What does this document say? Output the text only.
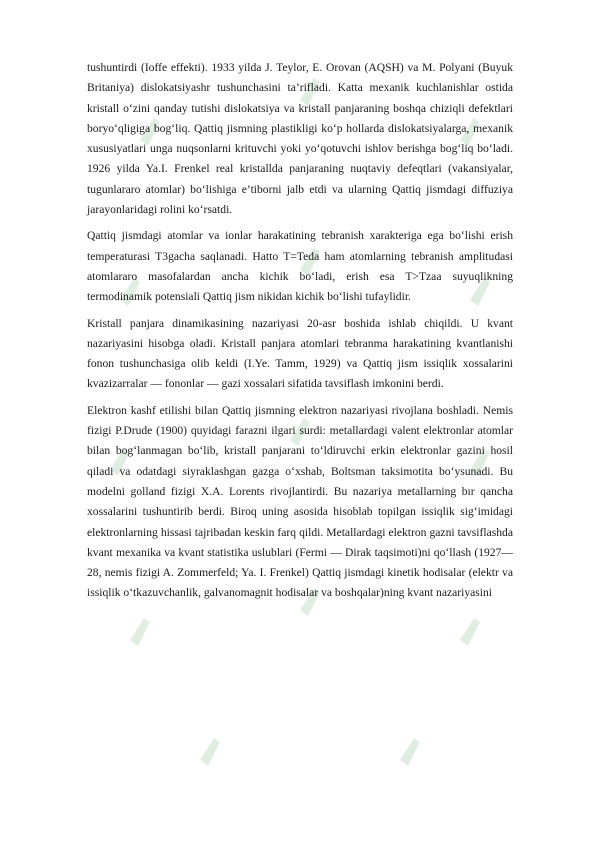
tushuntirdi (Ioffe effekti). 1933 yilda J. Teylor, E. Orovan (AQSH) va M. Polyani (Buyuk Britaniya) dislokatsiyashr tushunchasini ta’rifladi. Katta mexanik kuchlanishlar ostida kristall o‘zini qanday tutishi dislokatsiya va kristall panjaraning boshqa chiziqli defektlari boryo‘qligiga bog‘liq. Qattiq jismning plastikligi ko‘p hollarda dislokatsiyalarga, mexanik xususiyatlari unga nuqsonlarni krituvchi yoki yo‘qotuvchi ishlov berishga bog‘liq bo‘ladi. 1926 yilda Ya.I. Frenkel real kristallda panjaraning nuqtaviy defeqtlari (vakansiyalar, tugunlararo atomlar) bo‘lishiga e’tiborni jalb etdi va ularning Qattiq jismdagi diffuziya jarayonlaridagi rolini ko‘rsatdi.

Qattiq jismdagi atomlar va ionlar harakatining tebranish xarakteriga ega bo‘lishi erish temperaturasi T3gacha saqlanadi. Hatto T=Teda ham atomlarning tebranish amplitudasi atomlararo masofalardan ancha kichik bo‘ladi, erish esa T>Tzaa suyuqlikning termodinamik potensiali Qattiq jism nikidan kichik bo‘lishi tufaylidir.

Kristall panjara dinamikasining nazariyasi 20-asr boshida ishlab chiqildi. U kvant nazariyasini hisobga oladi. Kristall panjara atomlari tebranma harakatining kvantlanishi fonon tushunchasiga olib keldi (I.Ye. Tamm, 1929) va Qattiq jism issiqlik xossalarini kvazizarralar — fononlar — gazi xossalari sifatida tavsiflash imkonini berdi.

Elektron kashf etilishi bilan Qattiq jismning elektron nazariyasi rivojlana boshladi. Nemis fizigi P.Drude (1900) quyidagi farazni ilgari surdi: metallardagi valent elektronlar atomlar bilan bog‘lanmagan bo‘lib, kristall panjarani to‘ldiruvchi erkin elektronlar gazini hosil qiladi va odatdagi siyraklashgan gazga o‘xshab, Boltsman taksimotita bo‘ysunadi. Bu modelni golland fizigi X.A. Lorents rivojlantirdi. Bu nazariya metallarning bır qancha xossalarini tushuntirib berdi. Biroq uning asosida hisoblab topilgan issiqlik sig‘imidagi elektronlarning hissasi tajribadan keskin farq qildi. Metallardagi elektron gazni tavsiflashda kvant mexanika va kvant statistika uslublari (Fermi — Dirak taqsimoti)ni qo‘llash (1927—28, nemis fizigi A. Zommerfeld; Ya. I. Frenkel) Qattiq jismdagi kinetik hodisalar (elektr va issiqlik o‘tkazuvchanlik, galvanomagnit hodisalar va boshqalar)ning kvant nazariyasini
